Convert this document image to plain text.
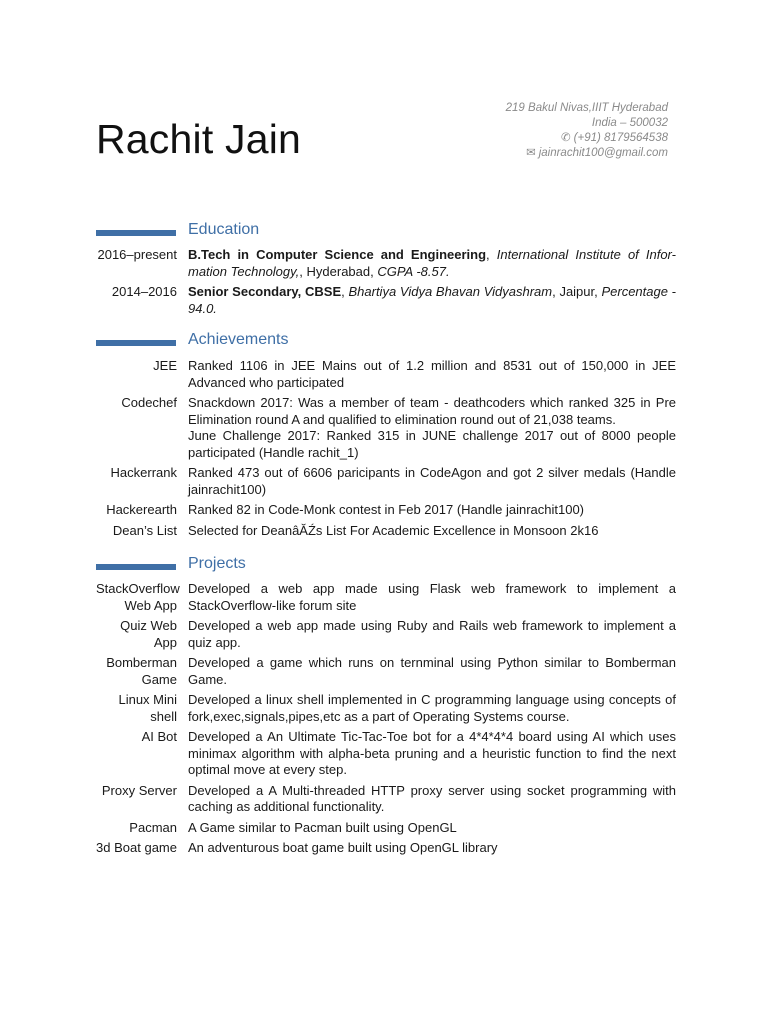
Rachit Jain
219 Bakul Nivas,IIIT Hyderabad
India – 500032
✆ (+91) 8179564538
✉ jainrachit100@gmail.com
Education
2016–present B.Tech in Computer Science and Engineering, International Institute of Infor-mation Technology,, Hyderabad, CGPA -8.57.
2014–2016 Senior Secondary, CBSE, Bhartiya Vidya Bhavan Vidyashram, Jaipur, Percentage - 94.0.
Achievements
JEE Ranked 1106 in JEE Mains out of 1.2 million and 8531 out of 150,000 in JEE Advanced who participated
Codechef Snackdown 2017: Was a member of team - deathcoders which ranked 325 in Pre Elimination round A and qualified to elimination round out of 21,038 teams.
June Challenge 2017: Ranked 315 in JUNE challenge 2017 out of 8000 people participated (Handle rachit_1)
Hackerrank Ranked 473 out of 6606 paricipants in CodeAgon and got 2 silver medals (Handle jainrachit100)
Hackerearth Ranked 82 in Code-Monk contest in Feb 2017 (Handle jainrachit100)
Dean’s List Selected for DeanâĂŹs List For Academic Excellence in Monsoon 2k16
Projects
StackOverflow Web App
Developed a web app made using Flask web framework to implement a StackOverflow-like forum site
Quiz Web App
Developed a web app made using Ruby and Rails web framework to implement a quiz app.
Bomberman Game
Developed a game which runs on ternminal using Python similar to Bomberman Game.
Linux Mini shell
Developed a linux shell implemented in C programming language using concepts of fork,exec,signals,pipes,etc as a part of Operating Systems course.
AI Bot Developed a An Ultimate Tic-Tac-Toe bot for a 4*4*4*4 board using AI which uses minimax algorithm with alpha-beta pruning and a heuristic function to find the next optimal move at every step.
Proxy Server Developed a A Multi-threaded HTTP proxy server using socket programming with caching as additional functionality.
Pacman A Game similar to Pacman built using OpenGL
3d Boat game An adventurous boat game built using OpenGL library
